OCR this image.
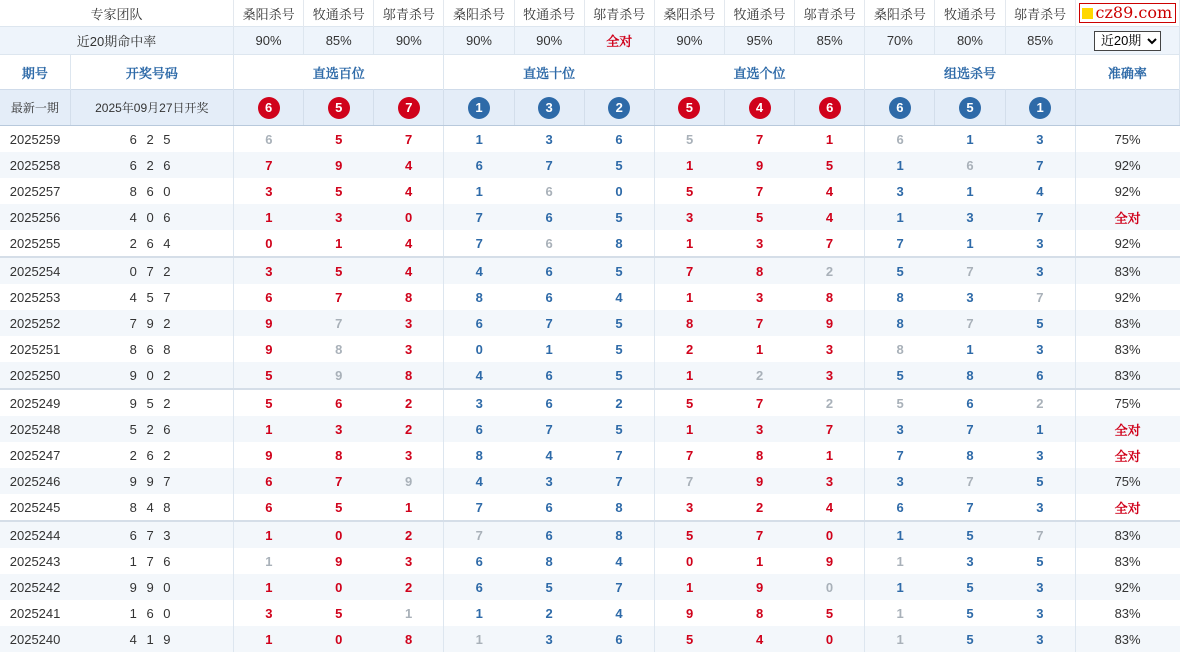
专家团队		桑阳杀号	牧通杀号	邬青杀号	桑阳杀号	牧通杀号	邬青杀号	桑阳杀号	牧通杀号	邬青杀号	桑阳杀号	牧通杀号	邬青杀号	cz89.com
近20期命中率		90%	85%	90%	90%	90%	全对	90%	95%	85%	70%	80%	85%	
近20期
期号	开奖号码	直选百位			直选十位			直选个位			组选杀号			准确率
最新一期	2025年09月27日开奖	6	5	7	1	3	2	5	4	6	6	5	1	
2025259	6 2 5	6	5	7	1	3	6	5	7	1	6	1	3	75%
2025258	6 2 6	7	9	4	6	7	5	1	9	5	1	6	7	92%
2025257	8 6 0	3	5	4	1	6	0	5	7	4	3	1	4	92%
2025256	4 0 6	1	3	0	7	6	5	3	5	4	1	3	7	全对
2025255	2 6 4	0	1	4	7	6	8	1	3	7	7	1	3	92%
2025254	0 7 2	3	5	4	4	6	5	7	8	2	5	7	3	83%
2025253	4 5 7	6	7	8	8	6	4	1	3	8	8	3	7	92%
2025252	7 9 2	9	7	3	6	7	5	8	7	9	8	7	5	83%
2025251	8 6 8	9	8	3	0	1	5	2	1	3	8	1	3	83%
2025250	9 0 2	5	9	8	4	6	5	1	2	3	5	8	6	83%
2025249	9 5 2	5	6	2	3	6	2	5	7	2	5	6	2	75%
2025248	5 2 6	1	3	2	6	7	5	1	3	7	3	7	1	全对
2025247	2 6 2	9	8	3	8	4	7	7	8	1	7	8	3	全对
2025246	9 9 7	6	7	9	4	3	7	7	9	3	3	7	5	75%
2025245	8 4 8	6	5	1	7	6	8	3	2	4	6	7	3	全对
2025244	6 7 3	1	0	2	7	6	8	5	7	0	1	5	7	83%
2025243	1 7 6	1	9	3	6	8	4	0	1	9	1	3	5	83%
2025242	9 9 0	1	0	2	6	5	7	1	9	0	1	5	3	92%
2025241	1 6 0	3	5	1	1	2	4	9	8	5	1	5	3	83%
2025240	4 1 9	1	0	8	1	3	6	5	4	0	1	5	3	83%
